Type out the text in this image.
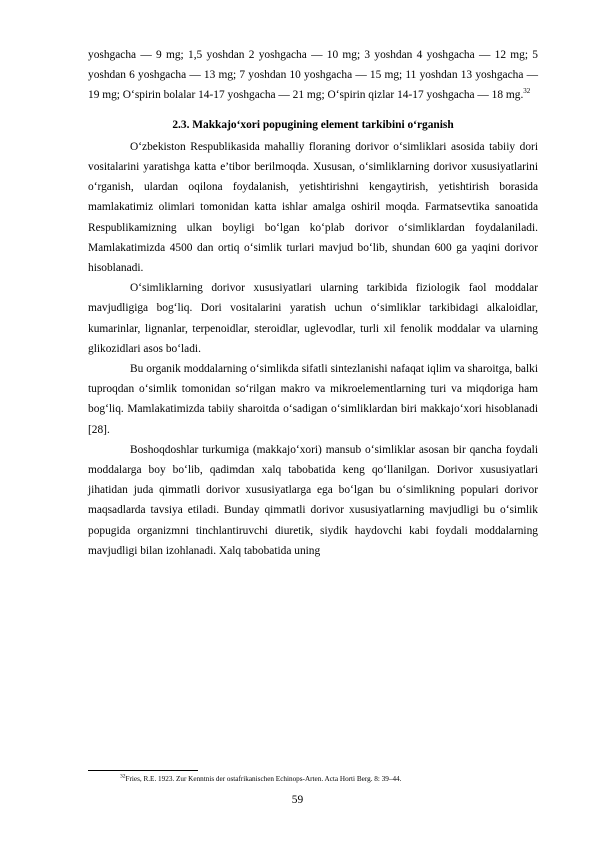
yoshgacha — 9 mg; 1,5 yoshdan 2 yoshgacha — 10 mg; 3 yoshdan 4 yoshgacha — 12 mg; 5 yoshdan 6 yoshgacha — 13 mg; 7 yoshdan 10 yoshgacha — 15 mg; 11 yoshdan 13 yoshgacha — 19 mg; O‘spirin bolalar 14-17 yoshgacha — 21 mg; O‘spirin qizlar 14-17 yoshgacha — 18 mg.$^{32}$

2.3. Makkajo‘xori popugining element tarkibini o‘rganish

O‘zbekiston Respublikasida mahalliy floraning dorivor o‘simliklari asosida tabiiy dori vositalarini yaratishga katta e’tibor berilmoqda. Xususan, o‘simliklarning dorivor xususiyatlarini o‘rganish, ulardan oqilona foydalanish, yetishtirishni kengaytirish, yetishtirish borasida mamlakatimiz olimlari tomonidan katta ishlar amalga oshiril moqda. Farmatsevtika sanoatida Respublikamizning ulkan boyligi bo‘lgan ko‘plab dorivor o‘simliklardan foydalaniladi. Mamlakatimizda 4500 dan ortiq o‘simlik turlari mavjud bo‘lib, shundan 600 ga yaqini dorivor hisoblanadi.

O‘simliklarning dorivor xususiyatlari ularning tarkibida fiziologik faol moddalar mavjudligiga bog‘liq. Dori vositalarini yaratish uchun o‘simliklar tarkibidagi alkaloidlar, kumarinlar, lignanlar, terpenoidlar, steroidlar, uglevodlar, turli xil fenolik moddalar va ularning glikozidlari asos bo‘ladi.

Bu organik moddalarning o‘simlikda sifatli sintezlanishi nafaqat iqlim va sharoitga, balki tuproqdan o‘simlik tomonidan so‘rilgan makro va mikroelementlarning turi va miqdoriga ham bog‘liq. Mamlakatimizda tabiiy sharoitda o‘sadigan o‘simliklardan biri makkajo‘xori hisoblanadi [28].

Boshoqdoshlar turkumiga (makkajo‘xori) mansub o‘simliklar asosan bir qancha foydali moddalarga boy bo‘lib, qadimdan xalq tabobatida keng qo‘llanilgan. Dorivor xususiyatlari jihatidan juda qimmatli dorivor xususiyatlarga ega bo‘lgan bu o‘simlikning populari dorivor maqsadlarda tavsiya etiladi. Bunday qimmatli dorivor xususiyatlarning mavjudligi bu o‘simlik popugida organizmni tinchlantiruvchi diuretik, siydik haydovchi kabi foydali moddalarning mavjudligi bilan izohlanadi. Xalq tabobatida uning

$^{32}$Fries, R.E. 1923. Zur Kenntnis der ostafrikanischen Echinops-Arten. Acta Horti Berg. 8: 39–44.
59
